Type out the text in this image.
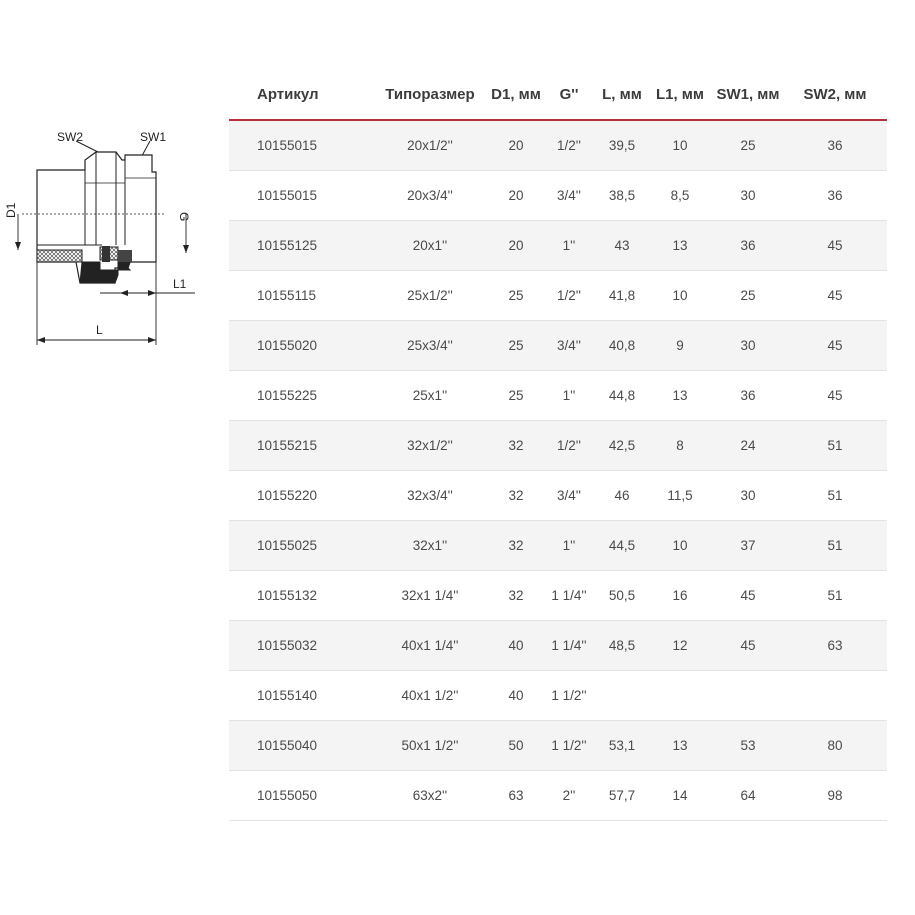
SW2	SW1
D1	G
L1
L
Артикул	Типоразмер	D1, мм	G''	L, мм	L1, мм	SW1, мм	SW2, мм
10155015	20x1/2''	20	1/2''	39,5	10	25	36
10155015	20x3/4''	20	3/4''	38,5	8,5	30	36
10155125	20x1''	20	1''	43	13	36	45
10155115	25x1/2''	25	1/2''	41,8	10	25	45
10155020	25x3/4''	25	3/4''	40,8	9	30	45
10155225	25x1''	25	1''	44,8	13	36	45
10155215	32x1/2''	32	1/2''	42,5	8	24	51
10155220	32x3/4''	32	3/4''	46	11,5	30	51
10155025	32x1''	32	1''	44,5	10	37	51
10155132	32x1 1/4''	32	1 1/4''	50,5	16	45	51
10155032	40x1 1/4''	40	1 1/4''	48,5	12	45	63
10155140	40x1 1/2''	40	1 1/2''				
10155040	50x1 1/2''	50	1 1/2''	53,1	13	53	80
10155050	63x2''	63	2''	57,7	14	64	98
